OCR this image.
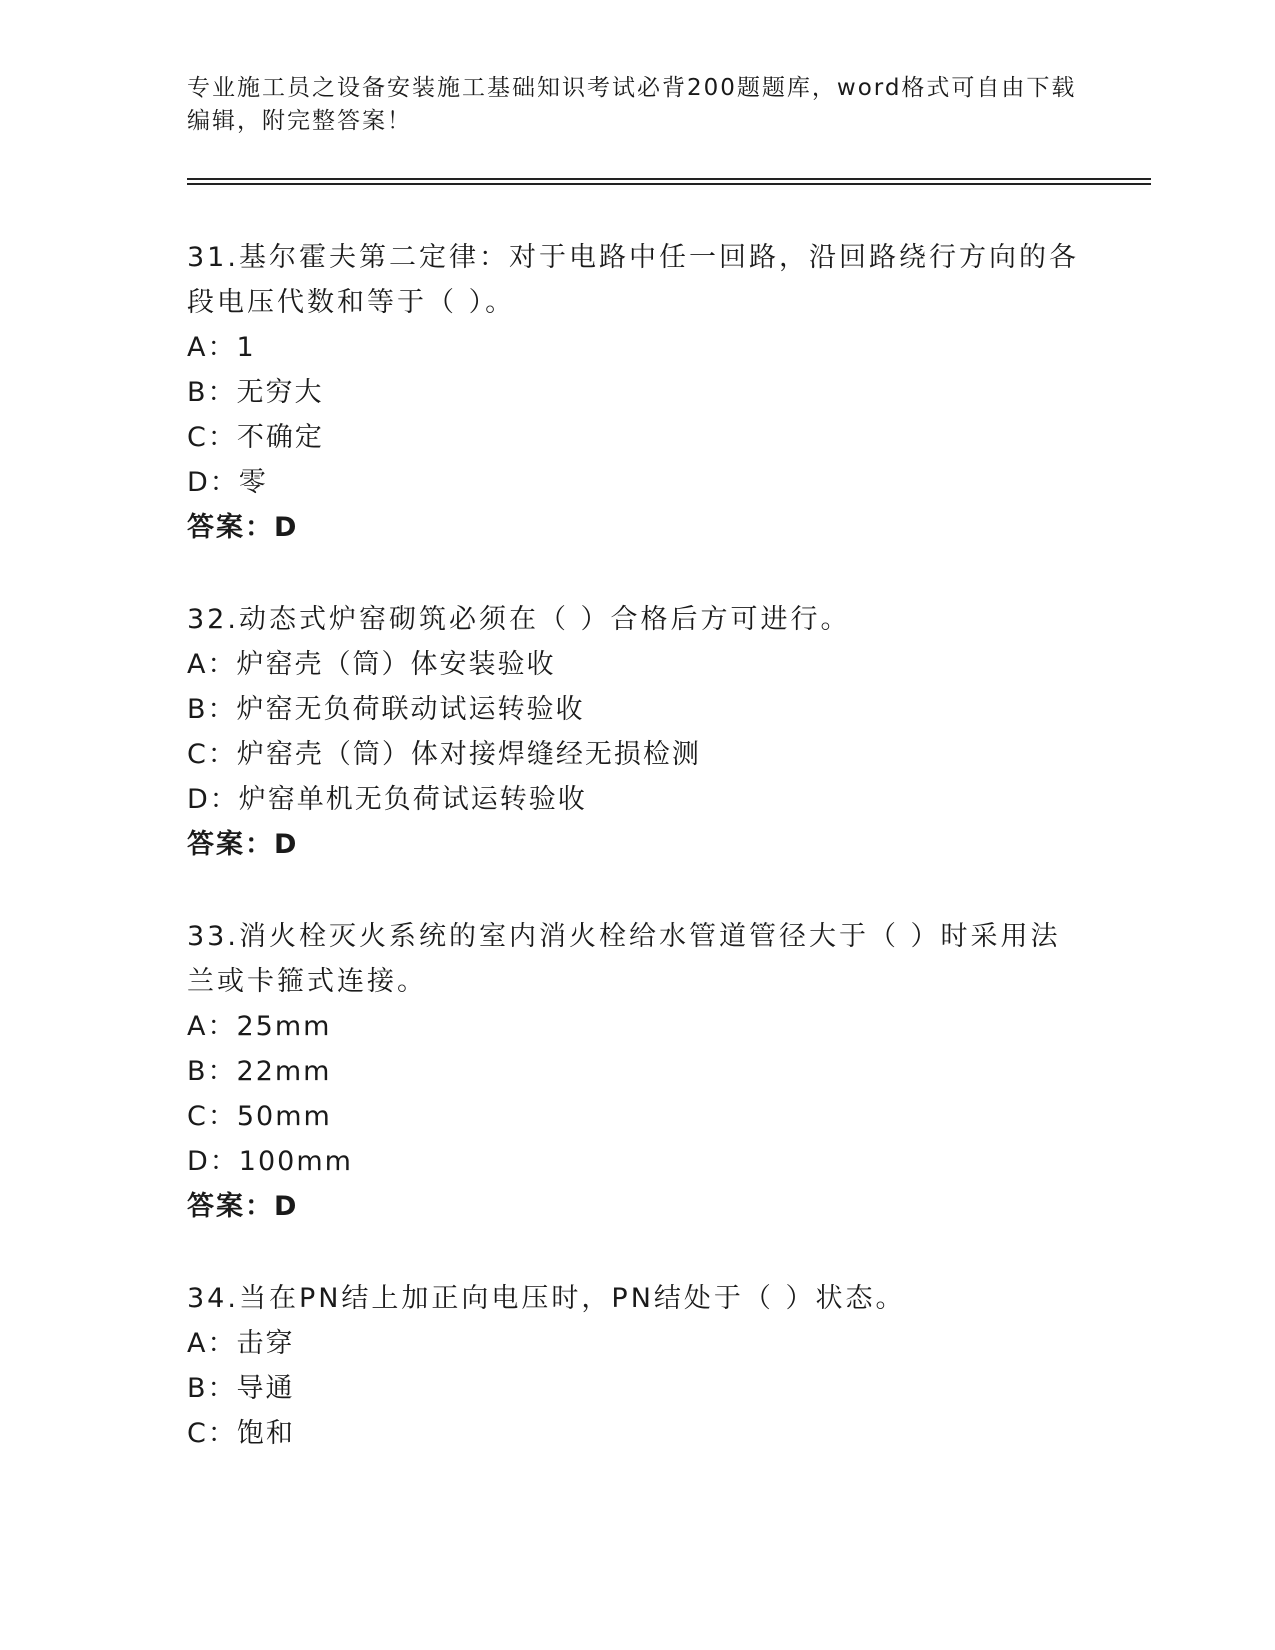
专业施工员之设备安装施工基础知识考试必背200题题库，word格式可自由下载编辑，附完整答案！

31.基尔霍夫第二定律：对于电路中任一回路，沿回路绕行方向的各段电压代数和等于（ ）。

A：1

B：无穷大

C：不确定

D：零

答案：D

32.动态式炉窑砌筑必须在（ ）合格后方可进行。

A：炉窑壳（筒）体安装验收

B：炉窑无负荷联动试运转验收

C：炉窑壳（筒）体对接焊缝经无损检测

D：炉窑单机无负荷试运转验收

答案：D

33.消火栓灭火系统的室内消火栓给水管道管径大于（ ）时采用法兰或卡箍式连接。

A：25mm

B：22mm

C：50mm

D：100mm

答案：D

34.当在PN结上加正向电压时，PN结处于（ ）状态。

A：击穿

B：导通

C：饱和
